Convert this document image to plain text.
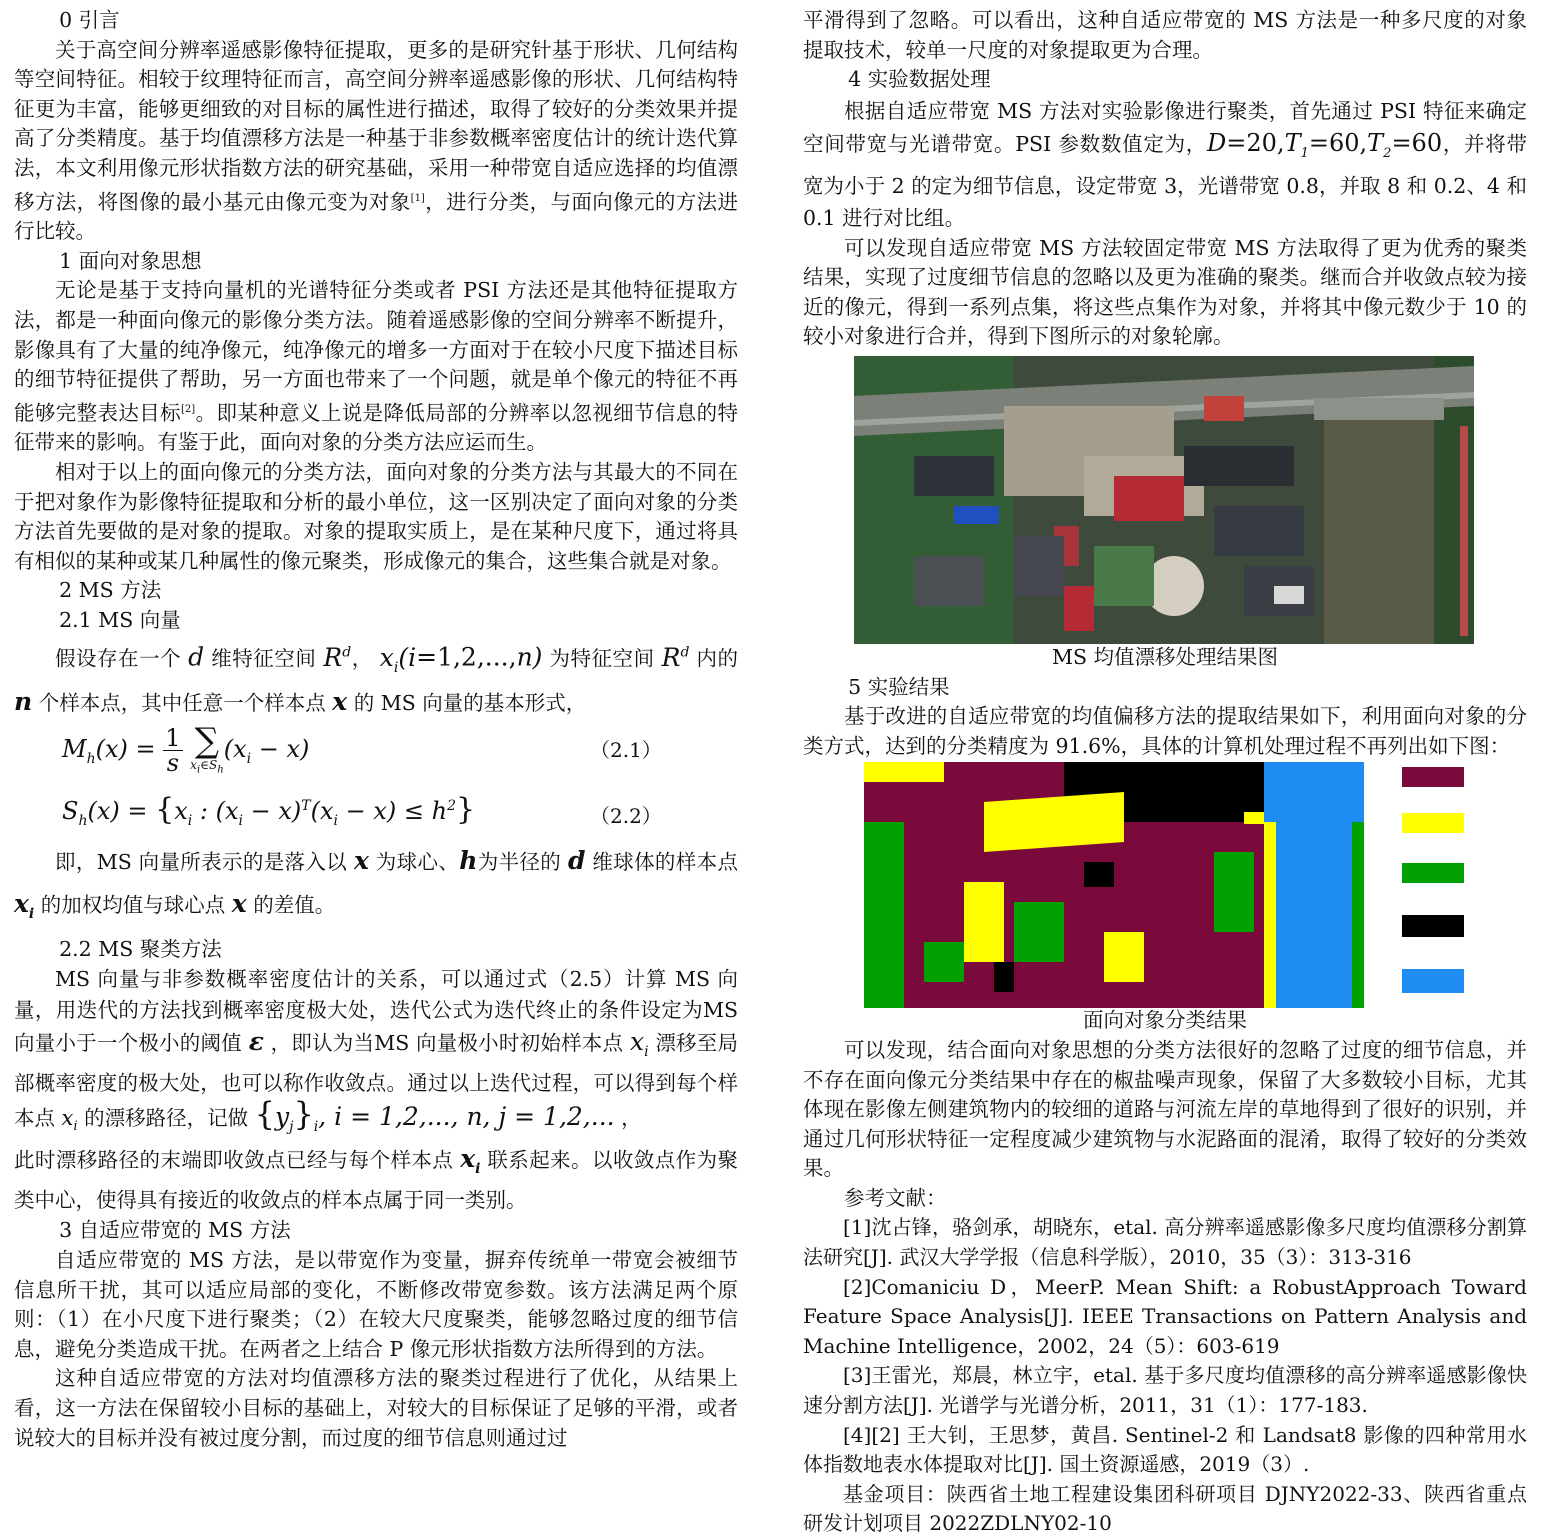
0 引言

关于高空间分辨率遥感影像特征提取，更多的是研究针基于形状、几何结构等空间特征。相较于纹理特征而言，高空间分辨率遥感影像的形状、几何结构特征更为丰富，能够更细致的对目标的属性进行描述，取得了较好的分类效果并提高了分类精度。基于均值漂移方法是一种基于非参数概率密度估计的统计迭代算法，本文利用像元形状指数方法的研究基础，采用一种带宽自适应选择的均值漂移方法，将图像的最小基元由像元变为对象[1]，进行分类，与面向像元的方法进行比较。

1 面向对象思想

无论是基于支持向量机的光谱特征分类或者 PSI 方法还是其他特征提取方法，都是一种面向像元的影像分类方法。随着遥感影像的空间分辨率不断提升，影像具有了大量的纯净像元，纯净像元的增多一方面对于在较小尺度下描述目标的细节特征提供了帮助，另一方面也带来了一个问题，就是单个像元的特征不再能够完整表达目标[2]。即某种意义上说是降低局部的分辨率以忽视细节信息的特征带来的影响。有鉴于此，面向对象的分类方法应运而生。

相对于以上的面向像元的分类方法，面向对象的分类方法与其最大的不同在于把对象作为影像特征提取和分析的最小单位，这一区别决定了面向对象的分类方法首先要做的是对象的提取。对象的提取实质上，是在某种尺度下，通过将具有相似的某种或某几种属性的像元聚类，形成像元的集合，这些集合就是对象。

2 MS 方法
2.1 MS 向量

假设存在一个 d 维特征空间 $R^d$， $x_i(i=1,2,...,n)$ 为特征空间 $R^d$ 内的 n 个样本点，其中任意一个样本点 x 的 MS 向量的基本形式，

$M_h(x) = \frac{1}{s}$
∑
$x_i\in S_h$
$(x_i - x)$	（2.1）
$S_h(x) = \{x_i$ : $(x_i - x)^T(x_i - x) \le h^2$}	（2.2）

即，MS 向量所表示的是落入以 x 为球心、h为半径的 d 维球体的样本点 $x_i$ 的加权均值与球心点 x 的差值。

2.2 MS 聚类方法

MS 向量与非参数概率密度估计的关系，可以通过式（2.5）计算 MS 向量，用迭代的方法找到概率密度极大处，迭代公式为迭代终止的条件设定为MS 向量小于一个极小的阈值 ε ，即认为当MS 向量极小时初始样本点 $x_i$ 漂移至局部概率密度的极大处，也可以称作收敛点。通过以上迭代过程，可以得到每个样本点 $x_i$ 的漂移路径，记做 $\{y_j\}_i$, i = 1,2,..., n, j = 1,2,... ，
此时漂移路径的末端即收敛点已经与每个样本点 $x_i$ 联系起来。以收敛点作为聚类中心，使得具有接近的收敛点的样本点属于同一类别。

3 自适应带宽的 MS 方法

自适应带宽的 MS 方法，是以带宽作为变量，摒弃传统单一带宽会被细节信息所干扰，其可以适应局部的变化，不断修改带宽参数。该方法满足两个原则：（1）在小尺度下进行聚类；（2）在较大尺度聚类，能够忽略过度的细节信息，避免分类造成干扰。在两者之上结合 P 像元形状指数方法所得到的方法。

这种自适应带宽的方法对均值漂移方法的聚类过程进行了优化，从结果上看，这一方法在保留较小目标的基础上，对较大的目标保证了足够的平滑，或者说较大的目标并没有被过度分割，而过度的细节信息则通过过

平滑得到了忽略。可以看出，这种自适应带宽的 MS 方法是一种多尺度的对象提取技术，较单一尺度的对象提取更为合理。

4 实验数据处理

根据自适应带宽 MS 方法对实验影像进行聚类，首先通过 PSI 特征来确定空间带宽与光谱带宽。PSI 参数数值定为，$D=20,T_1=60,T_2=60$，并将带宽为小于 2 的定为细节信息，设定带宽 3，光谱带宽 0.8，并取 8 和 0.2、4 和 0.1 进行对比组。

可以发现自适应带宽 MS 方法较固定带宽 MS 方法取得了更为优秀的聚类结果，实现了过度细节信息的忽略以及更为准确的聚类。继而合并收敛点较为接近的像元，得到一系列点集，将这些点集作为对象，并将其中像元数少于 10 的较小对象进行合并，得到下图所示的对象轮廓。

MS 均值漂移处理结果图
5 实验结果

基于改进的自适应带宽的均值偏移方法的提取结果如下，利用面向对象的分类方式，达到的分类精度为 91.6%，具体的计算机处理过程不再列出如下图：

面向对象分类结果

可以发现，结合面向对象思想的分类方法很好的忽略了过度的细节信息，并不存在面向像元分类结果中存在的椒盐噪声现象，保留了大多数较小目标，尤其体现在影像左侧建筑物内的较细的道路与河流左岸的草地得到了很好的识别，并通过几何形状特征一定程度减少建筑物与水泥路面的混淆，取得了较好的分类效果。

参考文献：

[1]沈占锋，骆剑承，胡晓东，etal. 高分辨率遥感影像多尺度均值漂移分割算法研究[J]. 武汉大学学报（信息科学版），2010，35（3）：313-316

[2]Comaniciu D，MeerP. Mean Shift: a RobustApproach Toward Feature Space Analysis[J]. IEEE Transactions on Pattern Analysis and Machine Intelligence，2002，24（5）：603-619

[3]王雷光，郑晨，林立宇，etal. 基于多尺度均值漂移的高分辨率遥感影像快速分割方法[J]. 光谱学与光谱分析，2011，31（1）：177-183.

[4][2] 王大钊，王思梦，黄昌. Sentinel-2 和 Landsat8 影像的四种常用水体指数地表水体提取对比[J]. 国土资源遥感，2019（3）.

基金项目：陕西省土地工程建设集团科研项目 DJNY2022-33、陕西省重点研发计划项目 2022ZDLNY02-10
